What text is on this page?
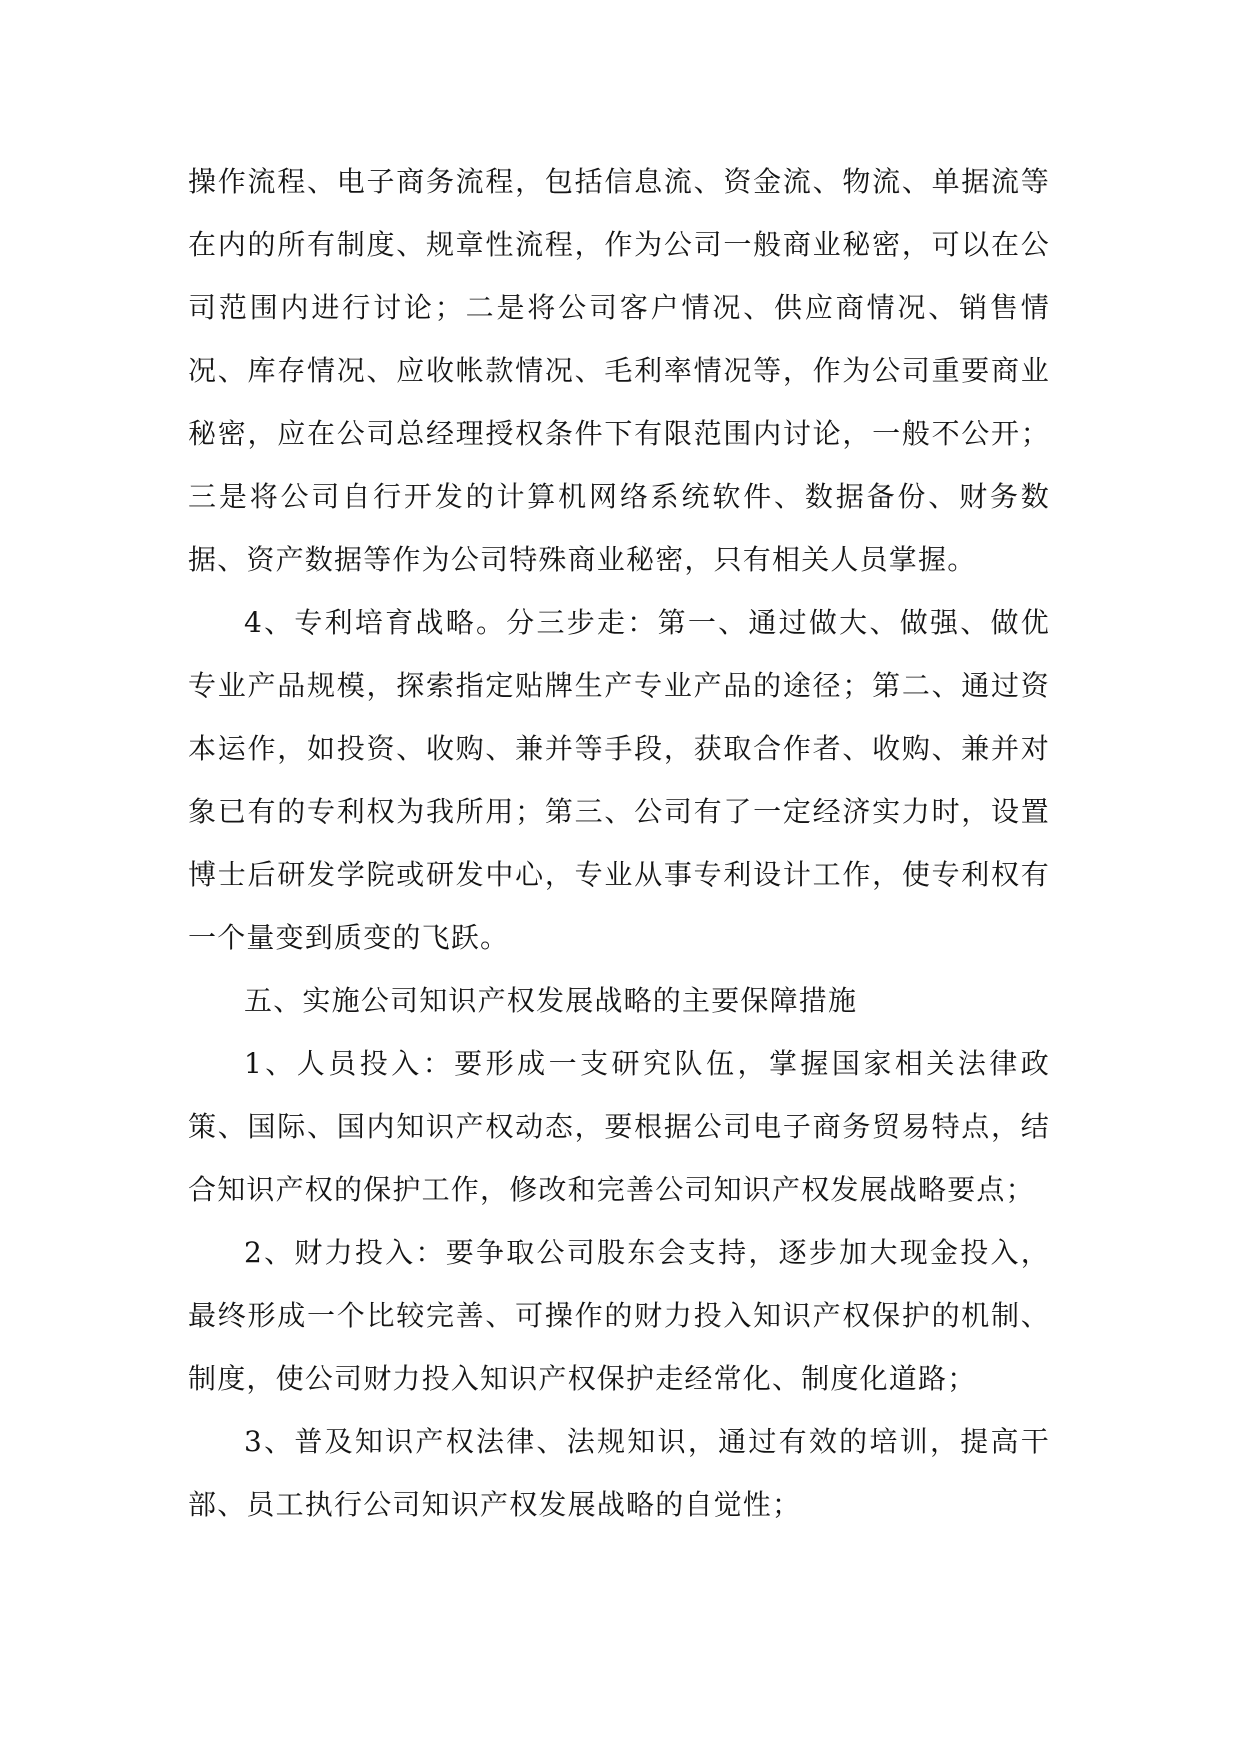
操作流程、电子商务流程，包括信息流、资金流、物流、单据流等在内的所有制度、规章性流程，作为公司一般商业秘密，可以在公司范围内进行讨论；二是将公司客户情况、供应商情况、销售情况、库存情况、应收帐款情况、毛利率情况等，作为公司重要商业秘密，应在公司总经理授权条件下有限范围内讨论，一般不公开；三是将公司自行开发的计算机网络系统软件、数据备份、财务数据、资产数据等作为公司特殊商业秘密，只有相关人员掌握。

4、专利培育战略。分三步走：第一、通过做大、做强、做优专业产品规模，探索指定贴牌生产专业产品的途径；第二、通过资本运作，如投资、收购、兼并等手段，获取合作者、收购、兼并对象已有的专利权为我所用；第三、公司有了一定经济实力时，设置博士后研发学院或研发中心，专业从事专利设计工作，使专利权有一个量变到质变的飞跃。

五、实施公司知识产权发展战略的主要保障措施

1、人员投入：要形成一支研究队伍，掌握国家相关法律政策、国际、国内知识产权动态，要根据公司电子商务贸易特点，结合知识产权的保护工作，修改和完善公司知识产权发展战略要点；

2、财力投入：要争取公司股东会支持，逐步加大现金投入，最终形成一个比较完善、可操作的财力投入知识产权保护的机制、制度，使公司财力投入知识产权保护走经常化、制度化道路；

3、普及知识产权法律、法规知识，通过有效的培训，提高干部、员工执行公司知识产权发展战略的自觉性；
